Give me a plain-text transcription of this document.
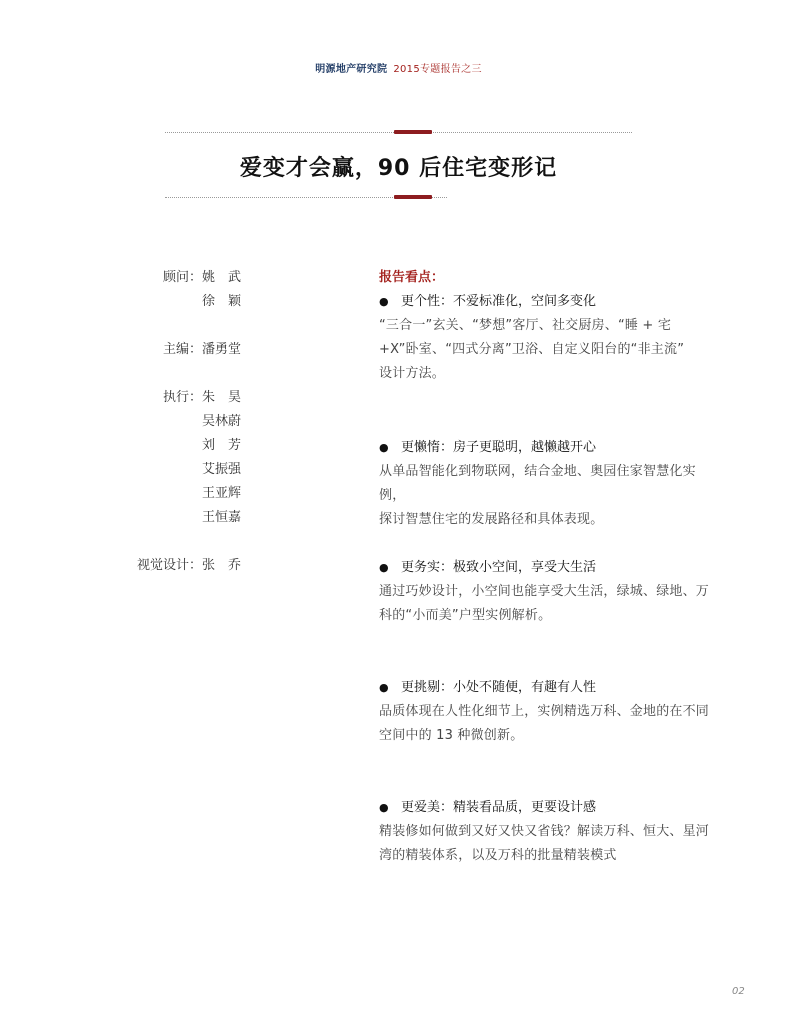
明源地产研究院 2015专题报告之三
爱变才会赢，90 后住宅变形记
顾问： 姚　武
徐　颖
主编： 潘勇堂
执行： 朱　昊
吴林蔚
刘　芳
艾振强
王亚辉
王恒嘉
视觉设计： 张　乔
报告看点：
● 更个性：不爱标准化，空间多变化
“三合一”玄关、“梦想”客厅、社交厨房、“睡 + 宅
+X”卧室、“四式分离”卫浴、自定义阳台的“非主流”
设计方法。
● 更懒惰：房子更聪明，越懒越开心
从单品智能化到物联网，结合金地、奥园住家智慧化实例，
探讨智慧住宅的发展路径和具体表现。
● 更务实：极致小空间，享受大生活
通过巧妙设计，小空间也能享受大生活，绿城、绿地、万
科的“小而美”户型实例解析。
● 更挑剔：小处不随便，有趣有人性
品质体现在人性化细节上，实例精选万科、金地的在不同
空间中的 13 种微创新。
● 更爱美：精装看品质，更要设计感
精装修如何做到又好又快又省钱？解读万科、恒大、星河
湾的精装体系，以及万科的批量精装模式
02
